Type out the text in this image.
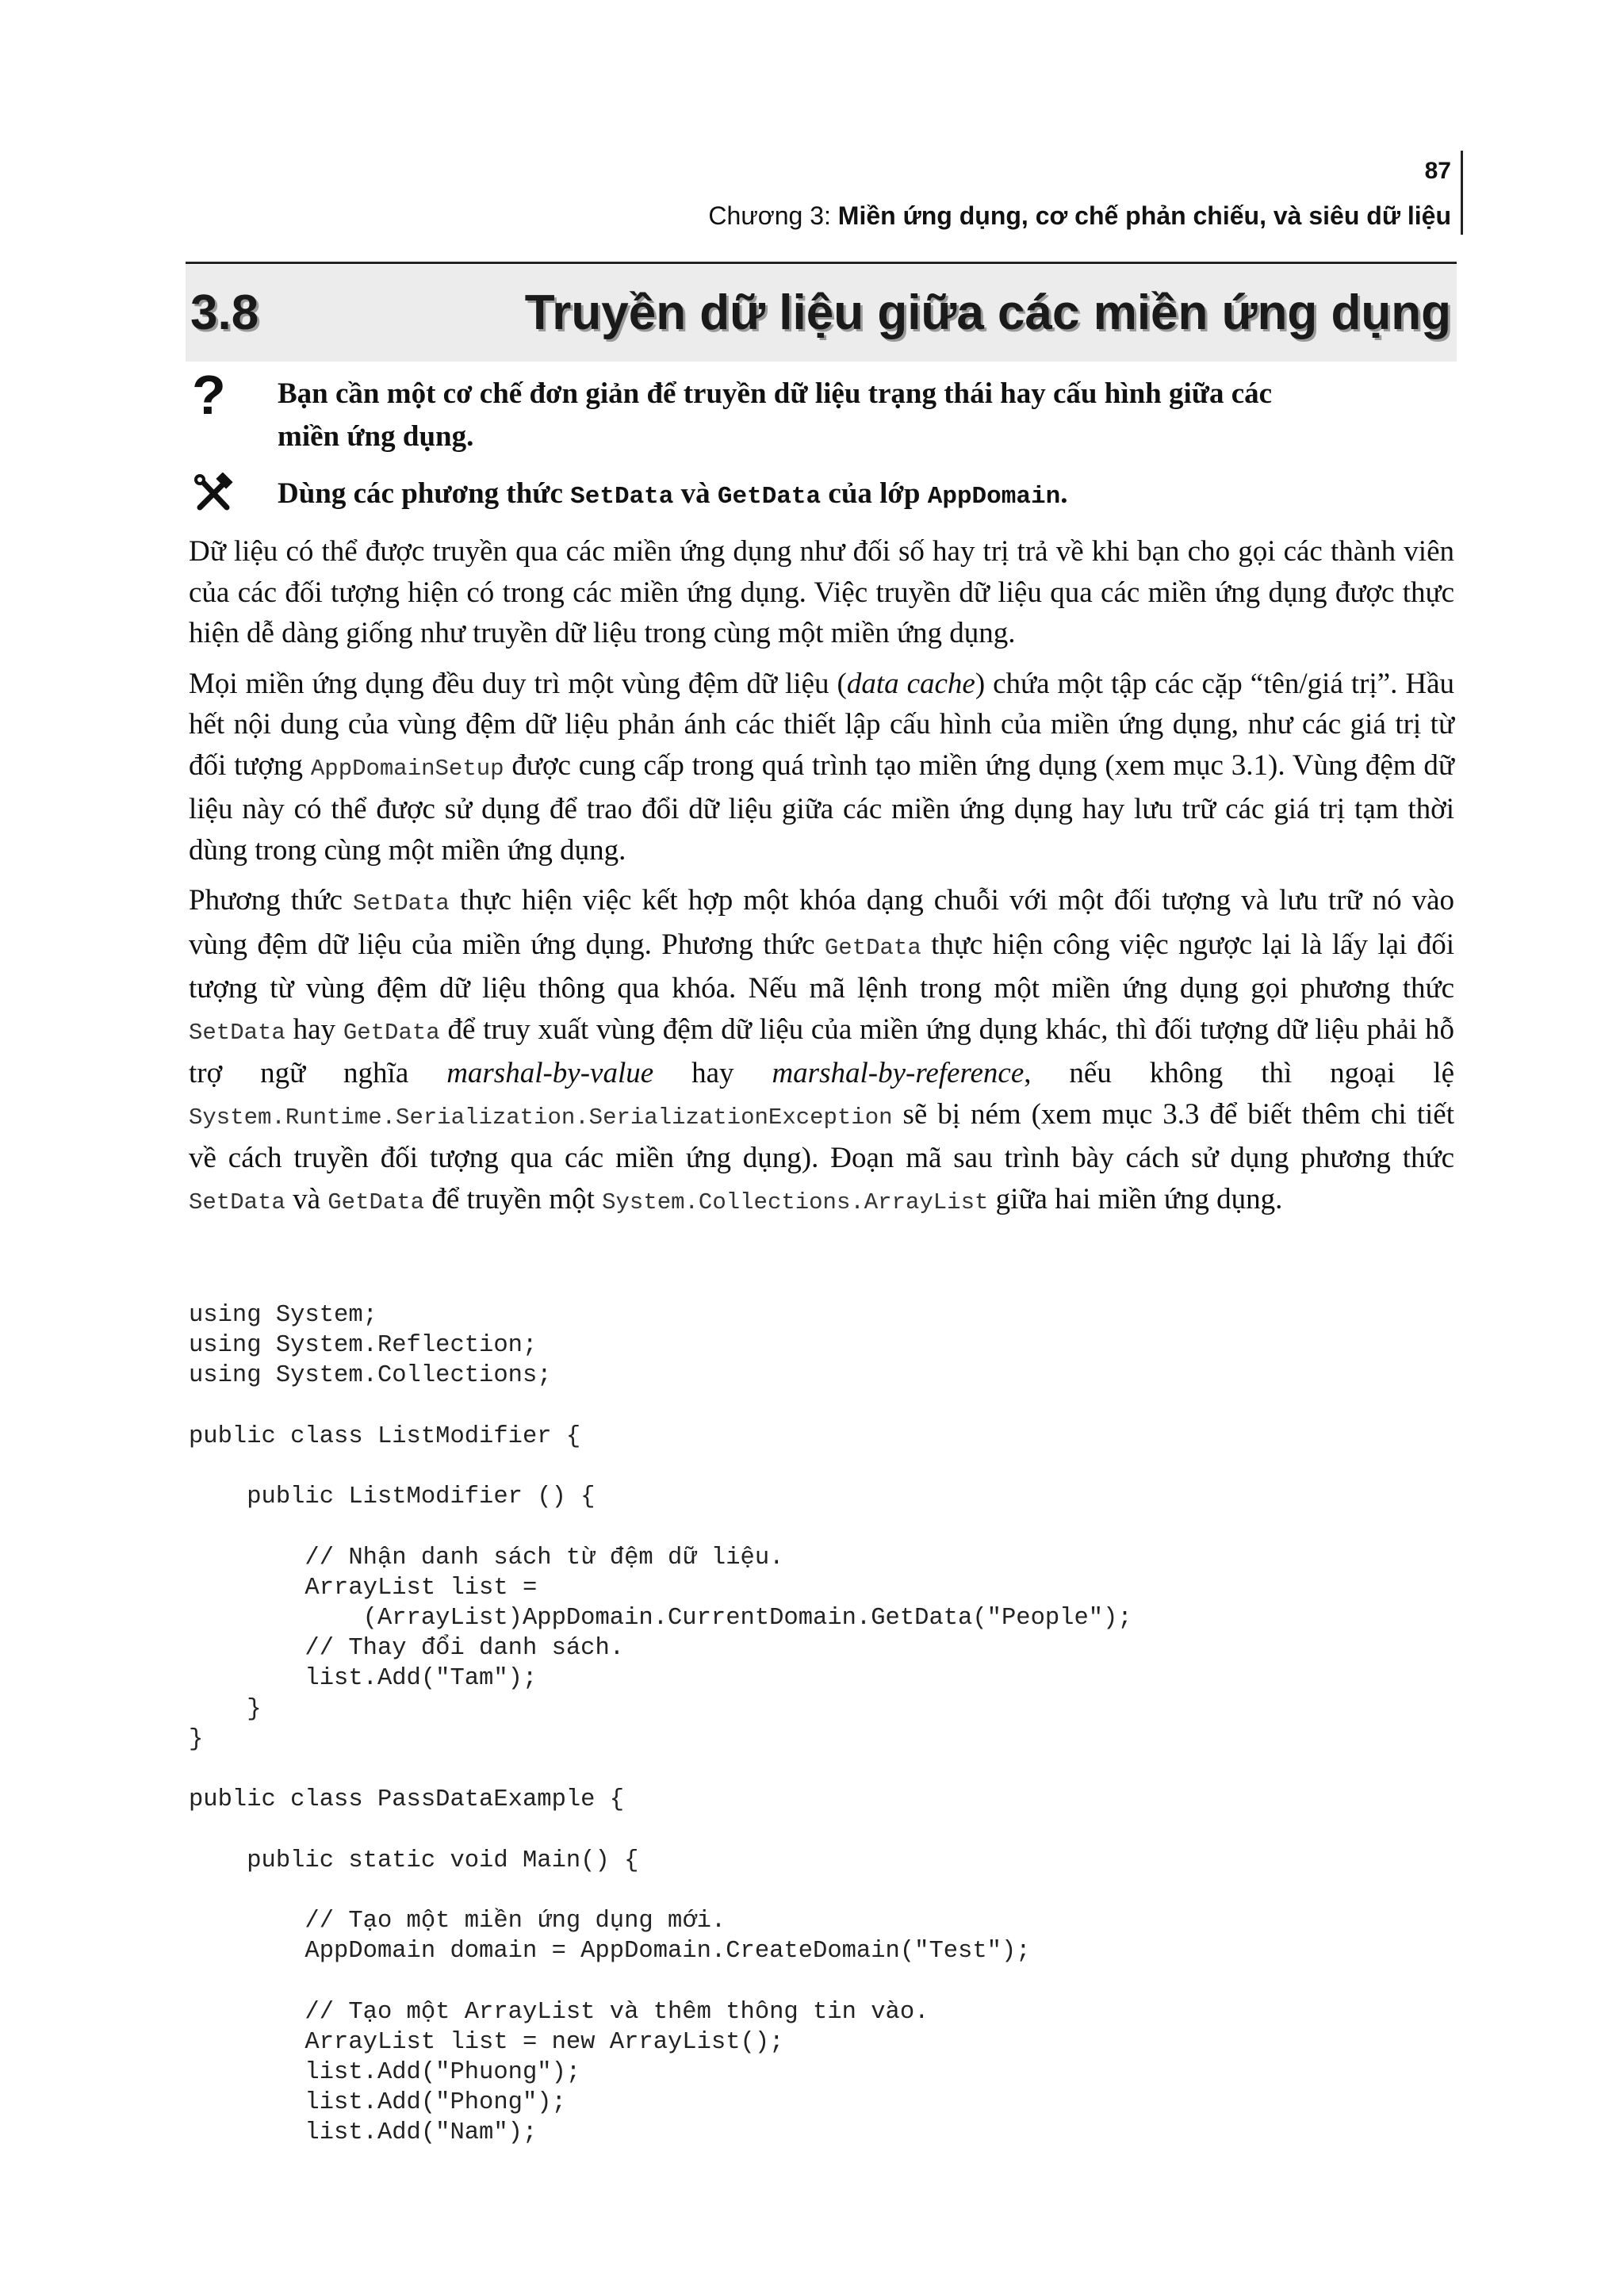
87
Chương 3: Miền ứng dụng, cơ chế phản chiếu, và siêu dữ liệu
3.8	Truyền dữ liệu giữa các miền ứng dụng
?	Bạn cần một cơ chế đơn giản để truyền dữ liệu trạng thái hay cấu hình giữa các
miền ứng dụng.
Dùng các phương thức SetData và GetData của lớp AppDomain.

Dữ liệu có thể được truyền qua các miền ứng dụng như đối số hay trị trả về khi bạn cho gọi các thành viên của các đối tượng hiện có trong các miền ứng dụng. Việc truyền dữ liệu qua các miền ứng dụng được thực hiện dễ dàng giống như truyền dữ liệu trong cùng một miền ứng dụng.

Mọi miền ứng dụng đều duy trì một vùng đệm dữ liệu (data cache) chứa một tập các cặp “tên/giá trị”. Hầu hết nội dung của vùng đệm dữ liệu phản ánh các thiết lập cấu hình của miền ứng dụng, như các giá trị từ đối tượng AppDomainSetup được cung cấp trong quá trình tạo miền ứng dụng (xem mục 3.1). Vùng đệm dữ liệu này có thể được sử dụng để trao đổi dữ liệu giữa các miền ứng dụng hay lưu trữ các giá trị tạm thời dùng trong cùng một miền ứng dụng.

Phương thức SetData thực hiện việc kết hợp một khóa dạng chuỗi với một đối tượng và lưu trữ nó vào vùng đệm dữ liệu của miền ứng dụng. Phương thức GetData thực hiện công việc ngược lại là lấy lại đối tượng từ vùng đệm dữ liệu thông qua khóa. Nếu mã lệnh trong một miền ứng dụng gọi phương thức SetData hay GetData để truy xuất vùng đệm dữ liệu của miền ứng dụng khác, thì đối tượng dữ liệu phải hỗ trợ ngữ nghĩa marshal-by-value hay marshal-by-reference, nếu không thì ngoại lệ System.Runtime.Serialization.SerializationException sẽ bị ném (xem mục 3.3 để biết thêm chi tiết về cách truyền đối tượng qua các miền ứng dụng). Đoạn mã sau trình bày cách sử dụng phương thức SetData và GetData để truyền một System.Collections.ArrayList giữa hai miền ứng dụng.

using System;
using System.Reflection;
using System.Collections;

public class ListModifier {

public ListModifier () {

// Nhận danh sách từ đệm dữ liệu.
ArrayList list =
(ArrayList)AppDomain.CurrentDomain.GetData("People");
// Thay đổi danh sách.
list.Add("Tam");
}
}

public class PassDataExample {

public static void Main() {

// Tạo một miền ứng dụng mới.
AppDomain domain = AppDomain.CreateDomain("Test");

// Tạo một ArrayList và thêm thông tin vào.
ArrayList list = new ArrayList();
list.Add("Phuong");
list.Add("Phong");
list.Add("Nam");
